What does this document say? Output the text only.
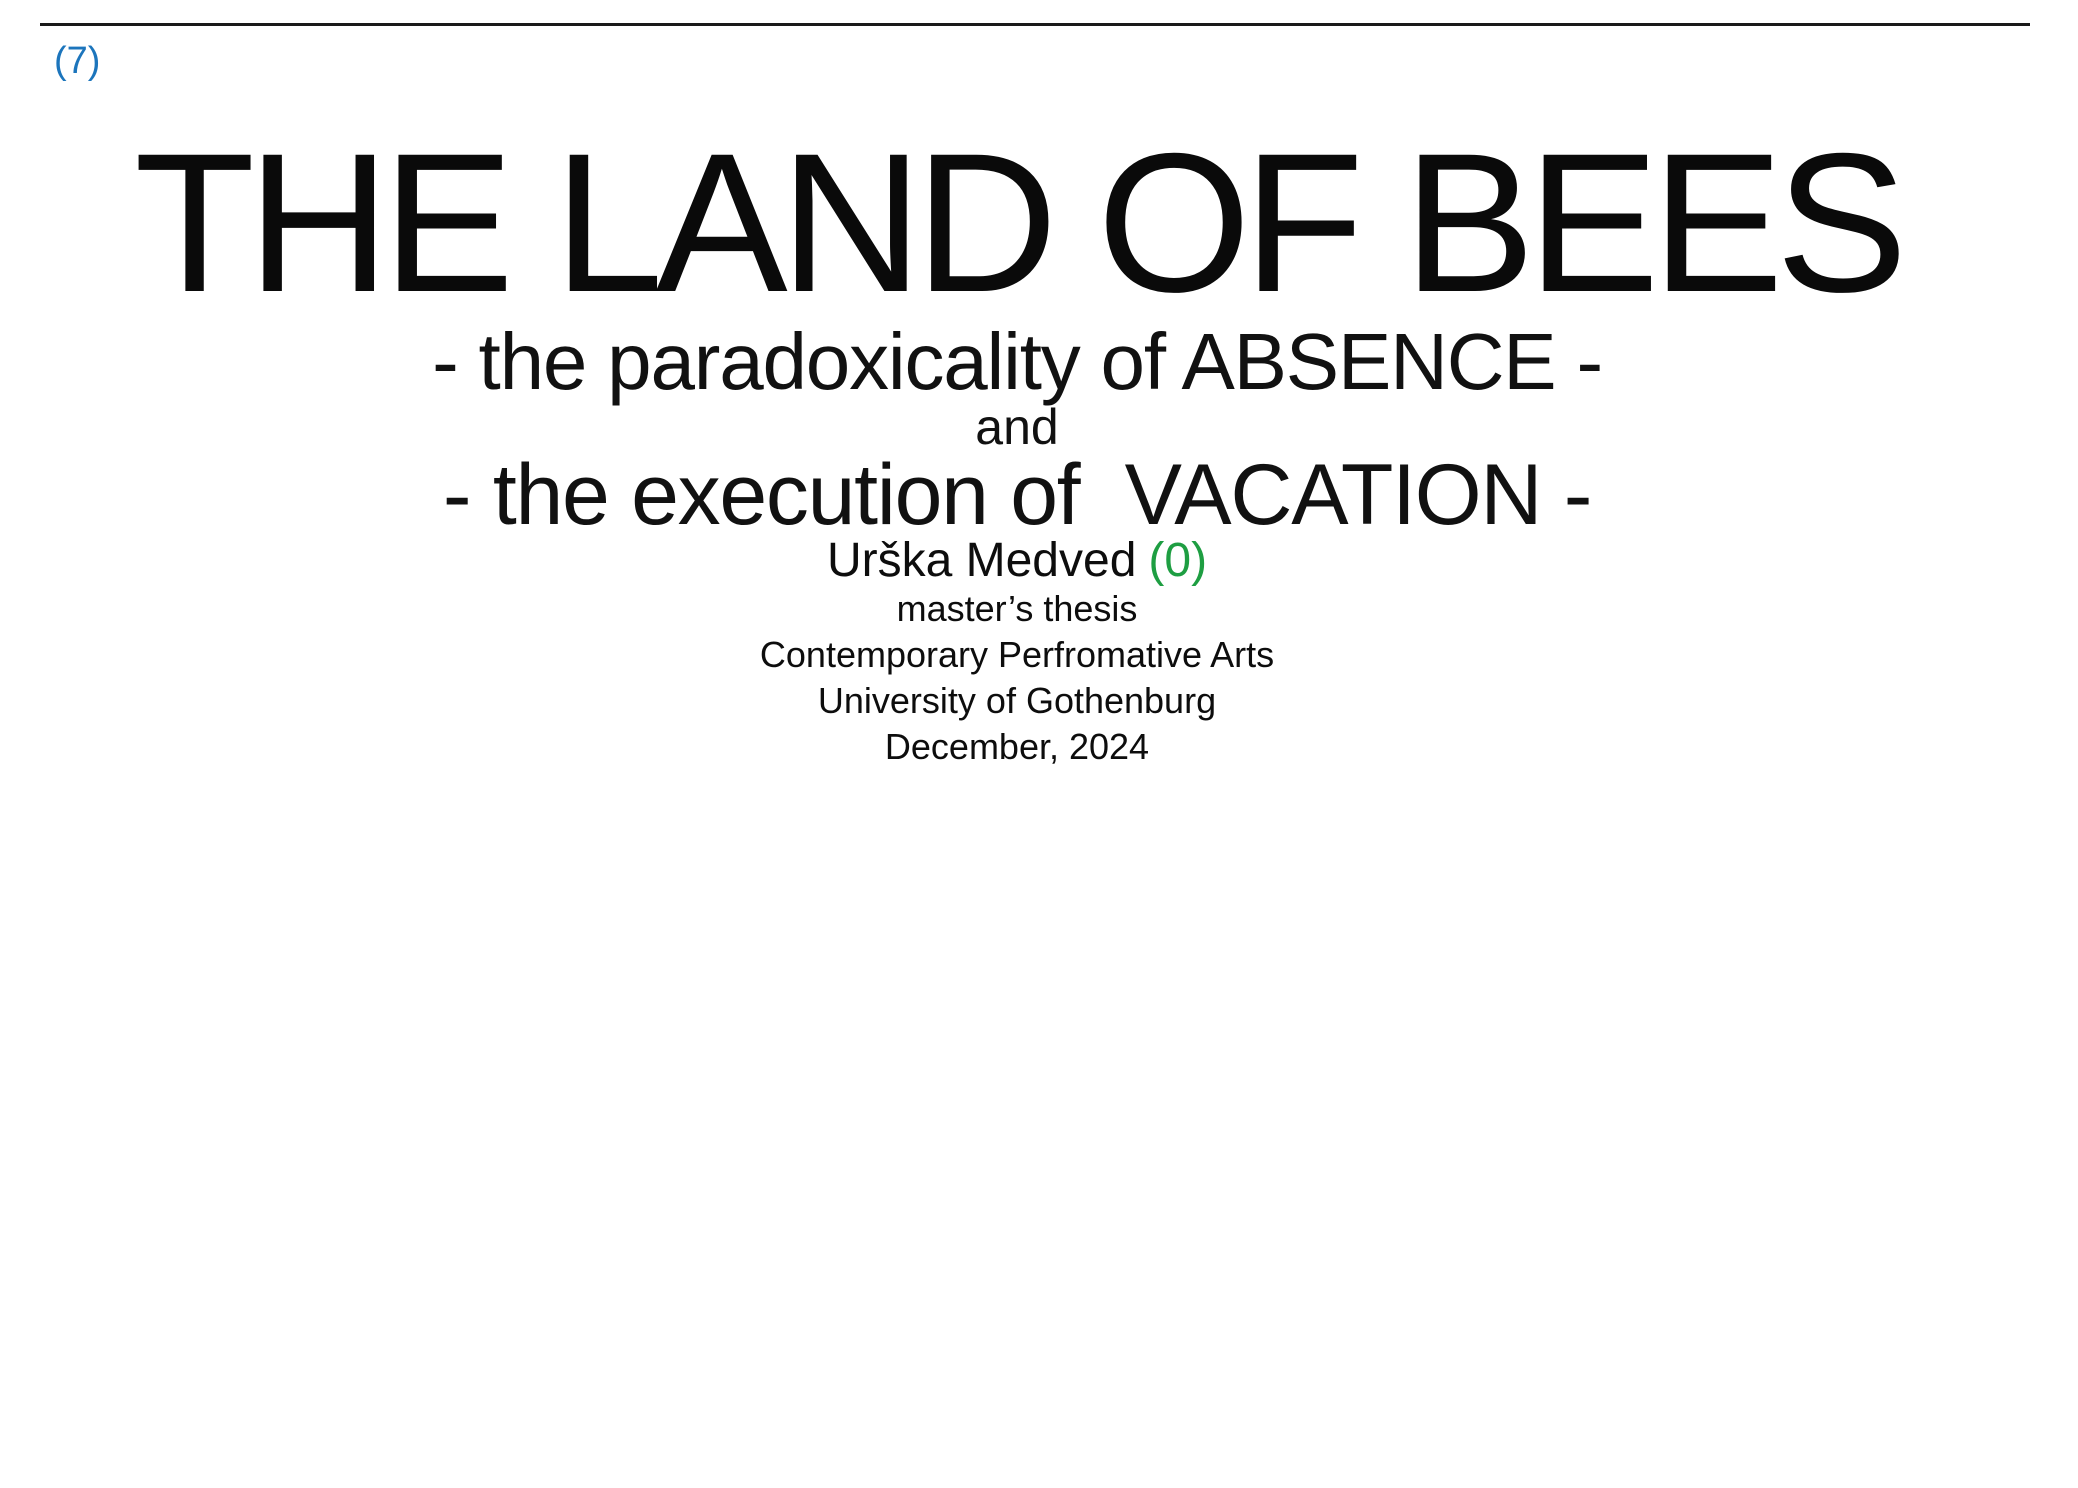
(7)
THE LAND OF BEES

- the paradoxicality of ABSENCE -

and

- the execution of  VACATION -

Urška Medved (0)

master’s thesis

Contemporary Perfromative Arts

University of Gothenburg

December, 2024
